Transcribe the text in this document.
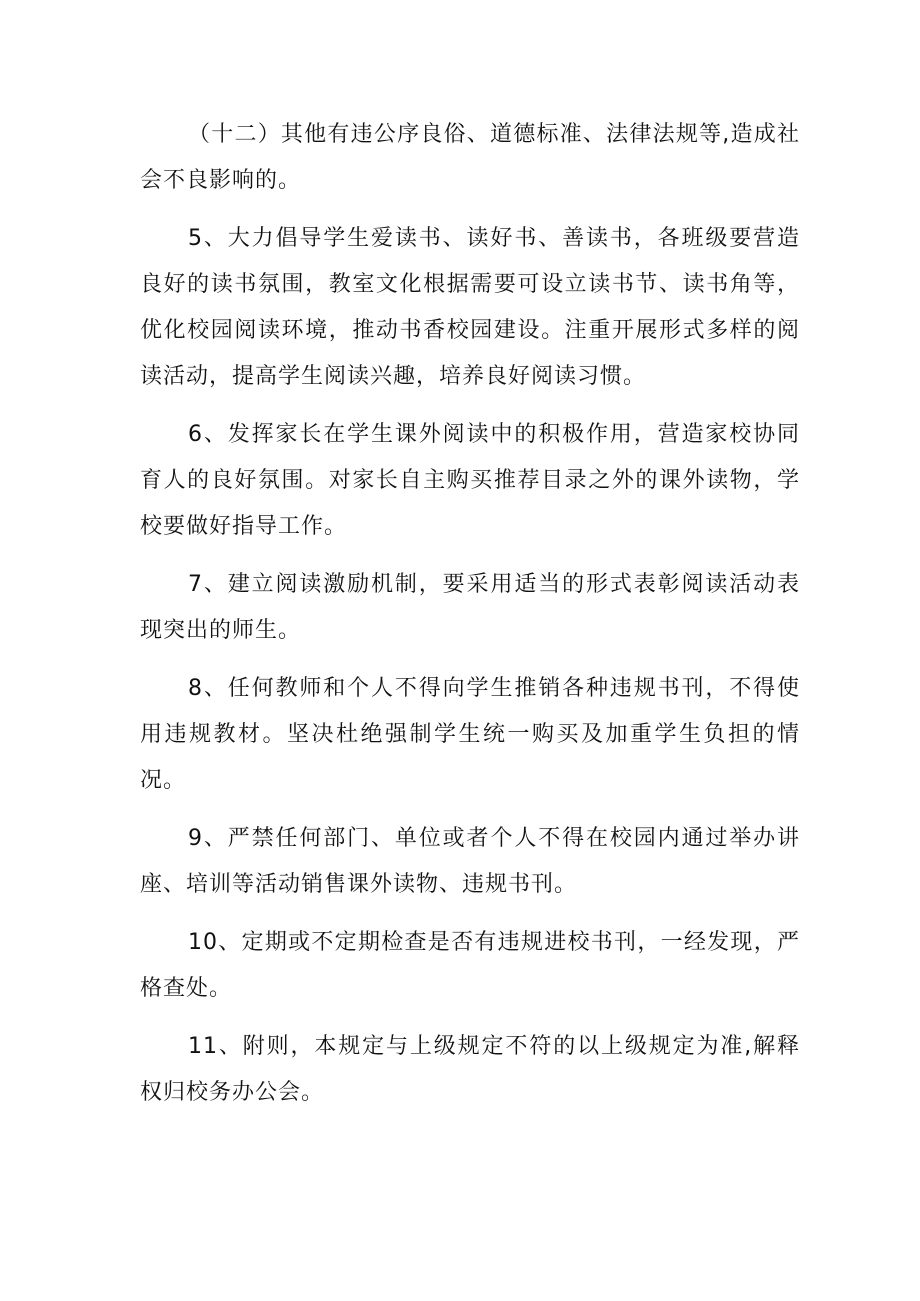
（十二）其他有违公序良俗、道德标准、法律法规等,造成社会不良影响的。

5、大力倡导学生爱读书、读好书、善读书，各班级要营造良好的读书氛围，教室文化根据需要可设立读书节、读书角等，优化校园阅读环境，推动书香校园建设。注重开展形式多样的阅读活动，提高学生阅读兴趣，培养良好阅读习惯。

6、发挥家长在学生课外阅读中的积极作用，营造家校协同育人的良好氛围。对家长自主购买推荐目录之外的课外读物，学校要做好指导工作。

7、建立阅读激励机制，要采用适当的形式表彰阅读活动表现突出的师生。

8、任何教师和个人不得向学生推销各种违规书刊，不得使用违规教材。坚决杜绝强制学生统一购买及加重学生负担的情况。

9、严禁任何部门、单位或者个人不得在校园内通过举办讲座、培训等活动销售课外读物、违规书刊。

10、定期或不定期检查是否有违规进校书刊，一经发现，严格查处。

11、附则，本规定与上级规定不符的以上级规定为准,解释权归校务办公会。
